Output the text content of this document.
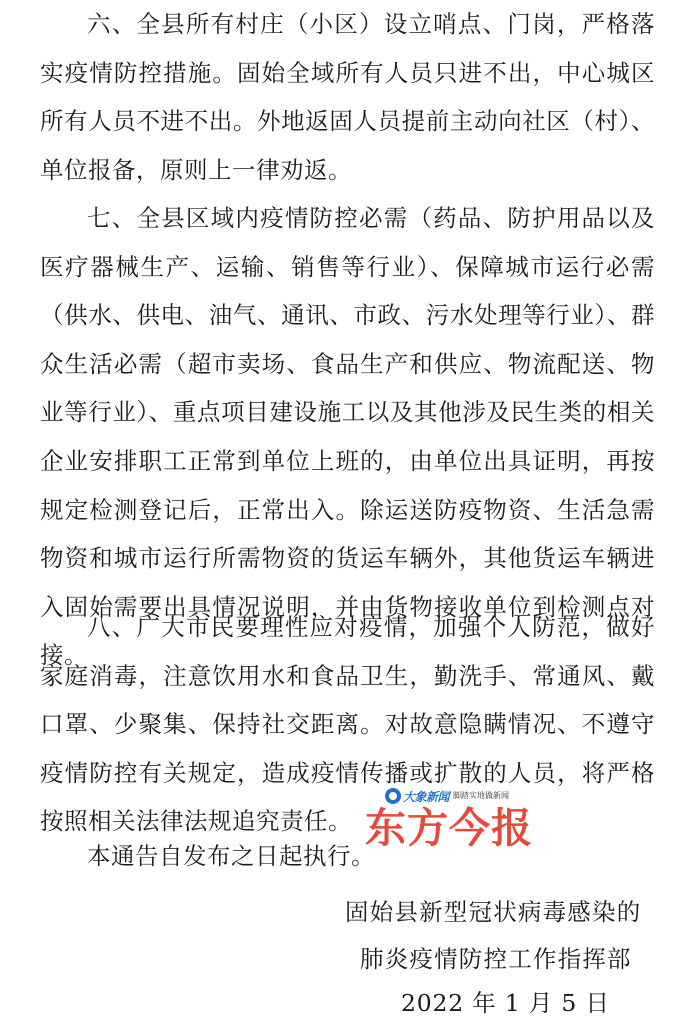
六、全县所有村庄（小区）设立哨点、门岗，严格落实疫情防控措施。固始全域所有人员只进不出，中心城区所有人员不进不出。外地返固人员提前主动向社区（村）、单位报备，原则上一律劝返。

七、全县区域内疫情防控必需（药品、防护用品以及医疗器械生产、运输、销售等行业）、保障城市运行必需（供水、供电、油气、通讯、市政、污水处理等行业）、群众生活必需（超市卖场、食品生产和供应、物流配送、物业等行业）、重点项目建设施工以及其他涉及民生类的相关企业安排职工正常到单位上班的，由单位出具证明，再按规定检测登记后，正常出入。除运送防疫物资、生活急需物资和城市运行所需物资的货运车辆外，其他货运车辆进入固始需要出具情况说明，并由货物接收单位到检测点对接。

八、广大市民要理性应对疫情，加强个人防范，做好家庭消毒，注意饮用水和食品卫生，勤洗手、常通风、戴口罩、少聚集、保持社交距离。对故意隐瞒情况、不遵守疫情防控有关规定，造成疫情传播或扩散的人员，将严格按照相关法律法规追究责任。

本通告自发布之日起执行。

固始县新型冠状病毒感染的
肺炎疫情防控工作指挥部
2022 年 1 月 5 日
大象新闻 脚踏实地做新闻
东方今报
